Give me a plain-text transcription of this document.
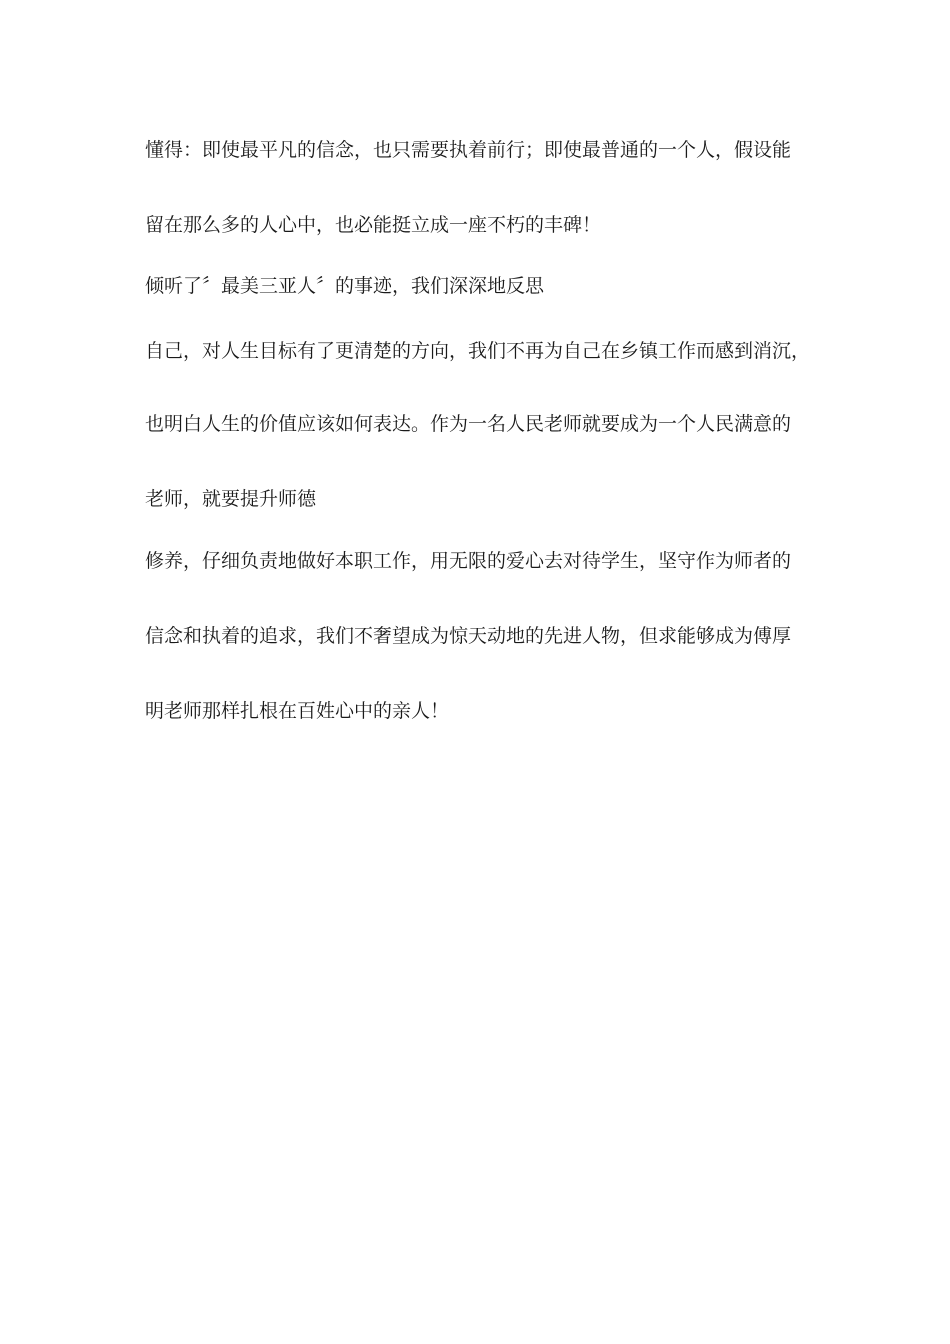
懂得：即使最平凡的信念，也只需要执着前行；即使最普通的一个人，假设能
留在那么多的人心中，也必能挺立成一座不朽的丰碑！
倾听了〞最美三亚人〞的事迹，我们深深地反思
自己，对人生目标有了更清楚的方向，我们不再为自己在乡镇工作而感到消沉，
也明白人生的价值应该如何表达。作为一名人民老师就要成为一个人民满意的
老师，就要提升师德
修养，仔细负责地做好本职工作，用无限的爱心去对待学生，坚守作为师者的
信念和执着的追求，我们不奢望成为惊天动地的先进人物，但求能够成为傅厚
明老师那样扎根在百姓心中的亲人！
